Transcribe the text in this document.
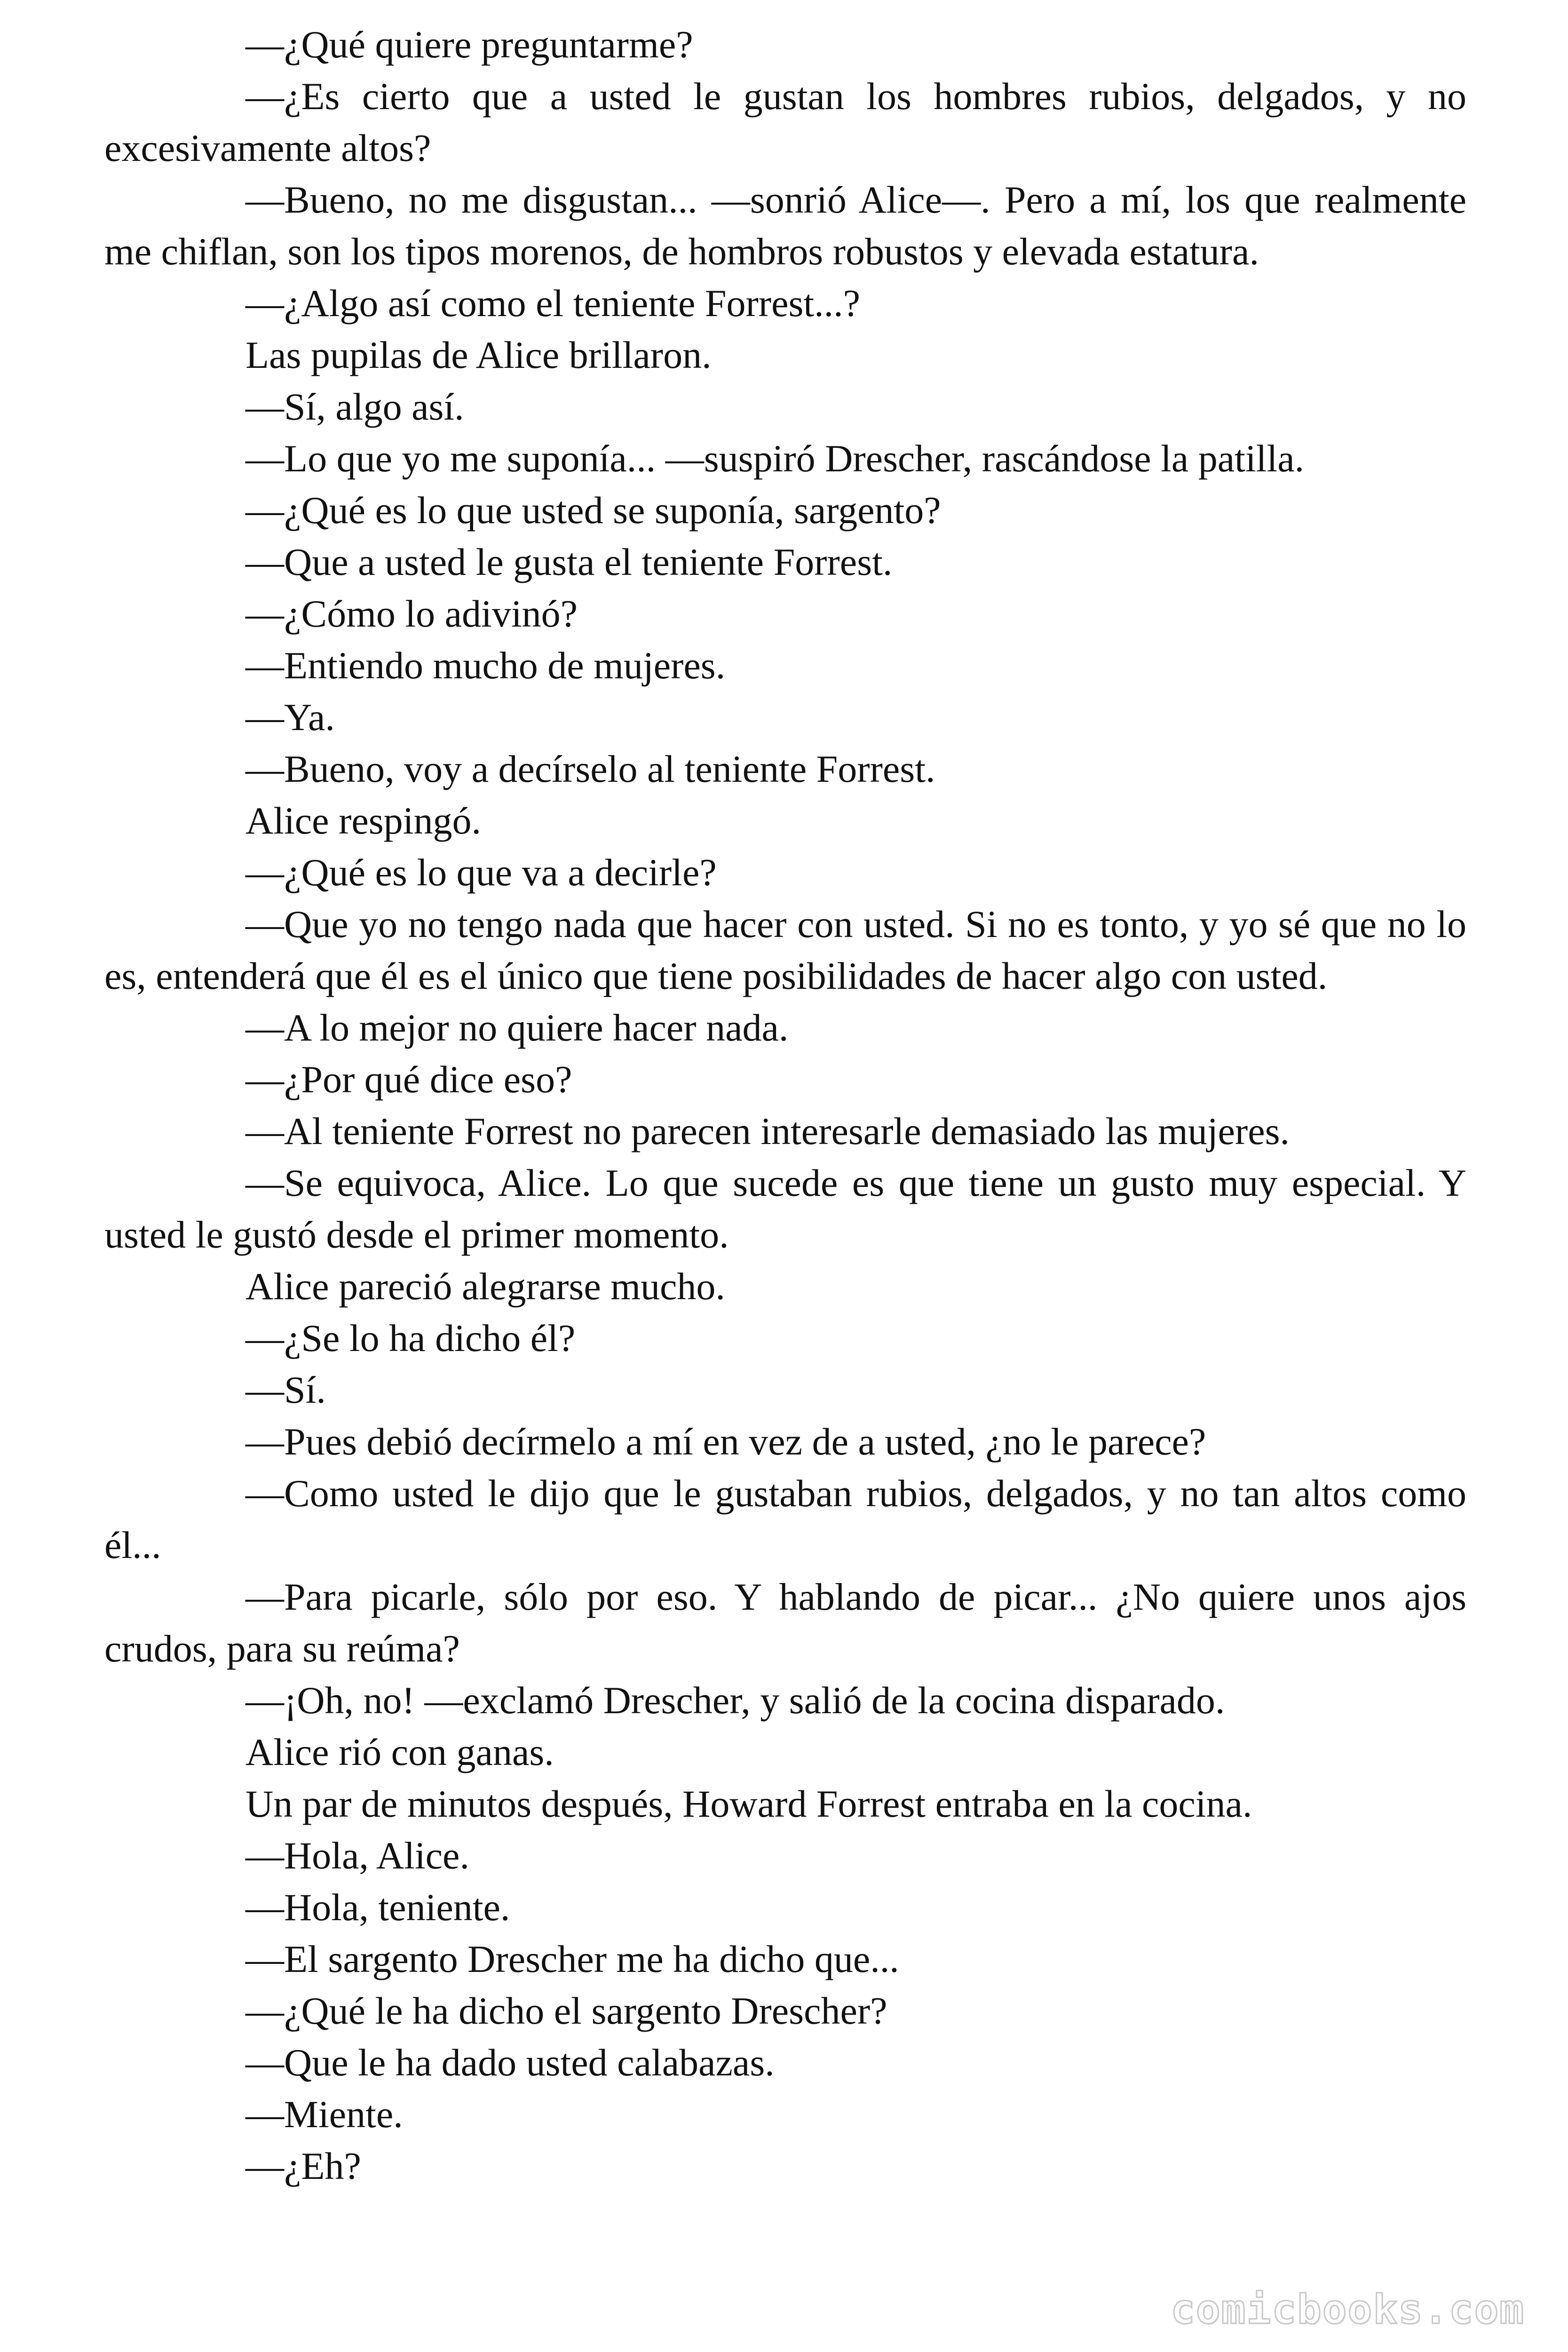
—¿Qué quiere preguntarme?

—¿Es cierto que a usted le gustan los hombres rubios, delgados, y no excesivamente altos?

—Bueno, no me disgustan... —sonrió Alice—. Pero a mí, los que realmente me chiflan, son los tipos morenos, de hombros robustos y elevada estatura.

—¿Algo así como el teniente Forrest...?

Las pupilas de Alice brillaron.

—Sí, algo así.

—Lo que yo me suponía... —suspiró Drescher, rascándose la patilla.

—¿Qué es lo que usted se suponía, sargento?

—Que a usted le gusta el teniente Forrest.

—¿Cómo lo adivinó?

—Entiendo mucho de mujeres.

—Ya.

—Bueno, voy a decírselo al teniente Forrest.

Alice respingó.

—¿Qué es lo que va a decirle?

—Que yo no tengo nada que hacer con usted. Si no es tonto, y yo sé que no lo es, entenderá que él es el único que tiene posibilidades de hacer algo con usted.

—A lo mejor no quiere hacer nada.

—¿Por qué dice eso?

—Al teniente Forrest no parecen interesarle demasiado las mujeres.

—Se equivoca, Alice. Lo que sucede es que tiene un gusto muy especial. Y usted le gustó desde el primer momento.

Alice pareció alegrarse mucho.

—¿Se lo ha dicho él?

—Sí.

—Pues debió decírmelo a mí en vez de a usted, ¿no le parece?

—Como usted le dijo que le gustaban rubios, delgados, y no tan altos como él...

—Para picarle, sólo por eso. Y hablando de picar... ¿No quiere unos ajos crudos, para su reúma?

—¡Oh, no! —exclamó Drescher, y salió de la cocina disparado.

Alice rió con ganas.

Un par de minutos después, Howard Forrest entraba en la cocina.

—Hola, Alice.

—Hola, teniente.

—El sargento Drescher me ha dicho que...

—¿Qué le ha dicho el sargento Drescher?

—Que le ha dado usted calabazas.

—Miente.

—¿Eh?

comicbooks.com
